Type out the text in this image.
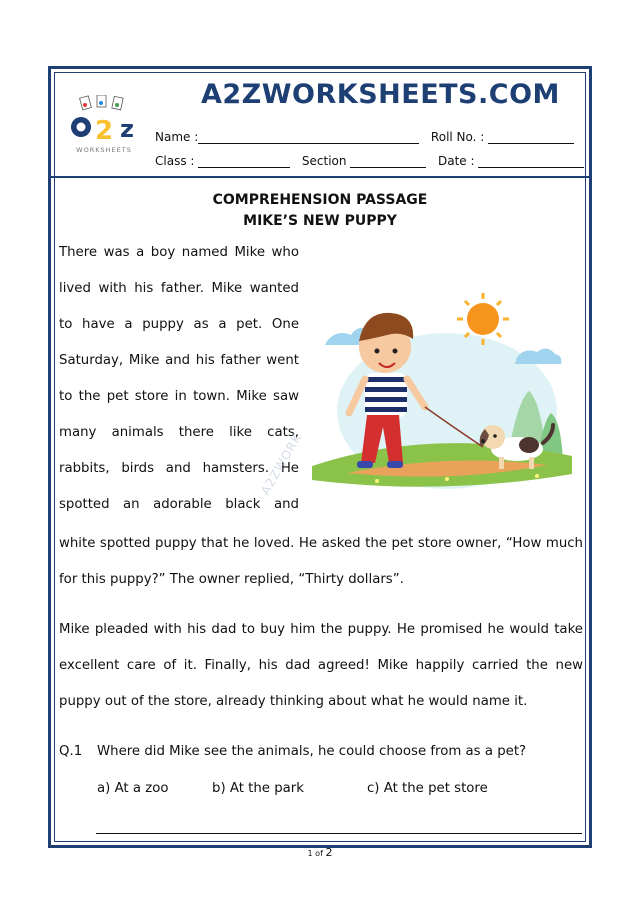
A2ZWORKSHEETS.COM
2 z
WORKSHEETS
Name :	Roll No. :
Class :	Section	Date :
COMPREHENSION PASSAGE
MIKE’S NEW PUPPY
There was a boy named Mike who
lived with his father. Mike wanted
to have a puppy as a pet. One
Saturday, Mike and his father went
to the pet store in town. Mike saw
many animals there like cats,
rabbits, birds and hamsters. He
spotted an adorable black and
white spotted puppy that he loved. He asked the pet store owner, “How much
for this puppy?” The owner replied, “Thirty dollars”.
Mike pleaded with his dad to buy him the puppy. He promised he would take
excellent care of it. Finally, his dad agreed! Mike happily carried the new
puppy out of the store, already thinking about what he would name it.
A2ZWORK
Q.1 Where did Mike see the animals, he could choose from as a pet?
a) At a zoo	b) At the park	c) At the pet store
1 of 2
